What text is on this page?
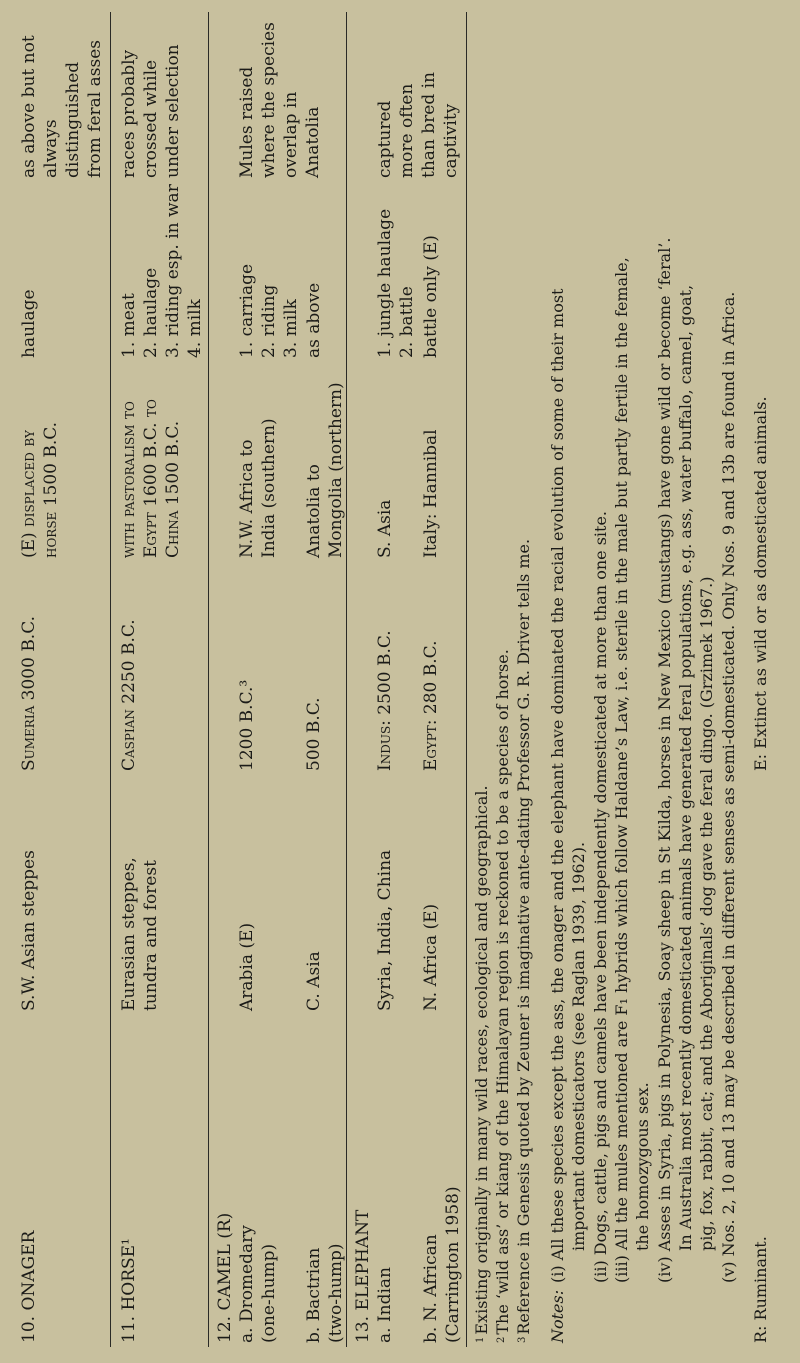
10. ONAGER
S.W. Asian steppes
Sumeria 3000 B.C.
(E) displaced by
horse 1500 B.C.
haulage
as above but not
always
distinguished
from feral asses
11. HORSE¹
Eurasian steppes,
tundra and forest
Caspian 2250 B.C.
with pastoralism to
Egypt 1600 B.C. to
China 1500 B.C.
1. meat
2. haulage
3. riding esp. in war
4. milk
races probably
crossed while
under selection
12. CAMEL (R)
a. Dromedary
(one-hump)
Arabia (E)
1200 B.C.³
N.W. Africa to
India (southern)
1. carriage
2. riding
3. milk
Mules raised
where the species
overlap in
Anatolia
b. Bactrian
(two-hump)
C. Asia
500 B.C.
Anatolia to
Mongolia (northern)
as above
13. ELEPHANT
a. Indian
Syria, India, China
Indus: 2500 B.C.
S. Asia
1. jungle haulage
2. battle
captured
more often
than bred in
captivity
b. N. African
(Carrington 1958)
N. Africa (E)
Egypt: 280 B.C.
Italy: Hannibal
battle only (E)
$^1$Existing originally in many wild races, ecological and geographical.
$^2$The ‘wild ass’ or kiang of the Himalayan region is reckoned to be a species of horse.
$^3$Reference in Genesis quoted by Zeuner is imaginative ante-dating Professor G. R. Driver tells me. Notes:
(i) All these species except the ass, the onager and the elephant have dominated the racial evolution of some of their most important domesticators (see Raglan 1939, 1962). (ii) Dogs, cattle, pigs and camels have been independently domesticated at more than one site. (iii) All the mules mentioned are F₁ hybrids which follow Haldane’s Law, i.e. sterile in the male but partly fertile in the female, the homozygous sex. (iv) Asses in Syria, pigs in Polynesia, Soay sheep in St Kilda, horses in New Mexico (mustangs) have gone wild or become ‘feral’. In Australia most recently domesticated animals have generated feral populations, e.g. ass, water buffalo, camel, goat, pig, fox, rabbit, cat; and the Aboriginals’ dog gave the feral dingo. (Grzimek 1967.) (v) Nos. 2, 10 and 13 may be described in different senses as semi-domesticated. Only Nos. 9 and 13b are found in Africa.
R: Ruminant.
E: Extinct as wild or as domesticated animals.
